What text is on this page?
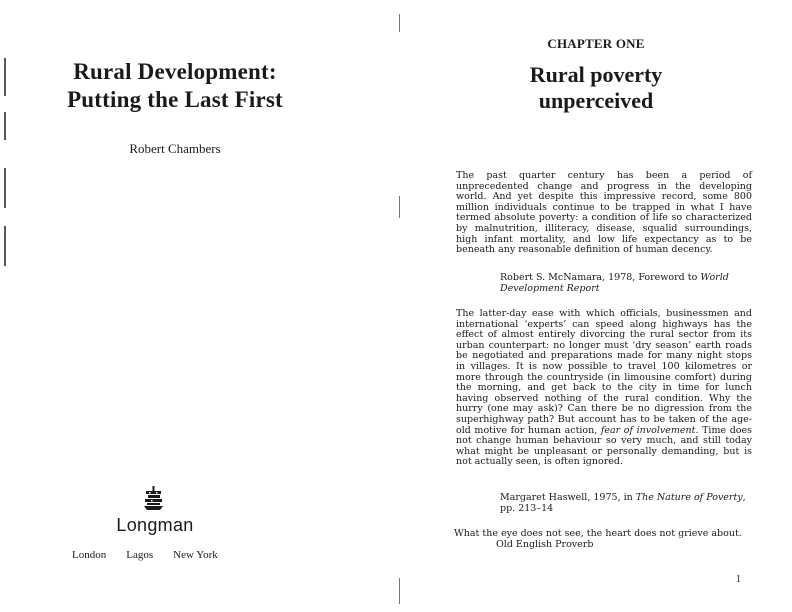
Rural Development:
Putting the Last First
Robert Chambers
Longman
London Lagos New York
CHAPTER ONE
Rural poverty
unperceived
The past quarter century has been a period of unprecedented change and progress in the developing world. And yet despite this impressive record, some 800 million individuals continue to be trapped in what I have termed absolute poverty: a condition of life so characterized by malnutrition, illiteracy, disease, squalid surroundings, high infant mortality, and low life expectancy as to be beneath any reasonable definition of human decency.
Robert S. McNamara, 1978, Foreword to World Development Report
The latter-day ease with which officials, businessmen and international ‘experts’ can speed along highways has the effect of almost entirely divorcing the rural sector from its urban counterpart: no longer must ‘dry season’ earth roads be negotiated and preparations made for many night stops in villages. It is now possible to travel 100 kilometres or more through the countryside (in limousine comfort) during the morning, and get back to the city in time for lunch having observed nothing of the rural condition. Why the hurry (one may ask)? Can there be no digression from the superhighway path? But account has to be taken of the age-old motive for human action, fear of involvement. Time does not change human behaviour so very much, and still today what might be unpleasant or personally demanding, but is not actually seen, is often ignored.
Margaret Haswell, 1975, in The Nature of Poverty, pp. 213–14
What the eye does not see, the heart does not grieve about.
Old English Proverb
1
